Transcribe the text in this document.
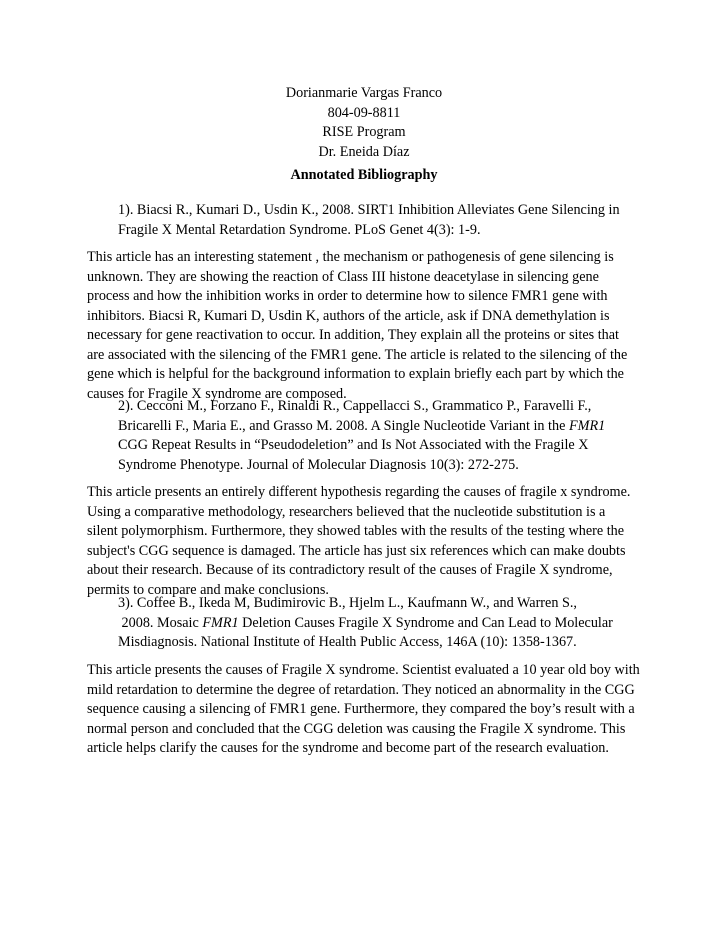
Dorianmarie Vargas Franco
804-09-8811
RISE Program
Dr. Eneida Díaz
Annotated Bibliography
1). Biacsi R., Kumari D., Usdin K., 2008. SIRT1 Inhibition Alleviates Gene Silencing in
Fragile X Mental Retardation Syndrome. PLoS Genet 4(3): 1-9.
This article has an interesting statement , the mechanism or pathogenesis of gene silencing is
unknown. They are showing the reaction of Class III histone deacetylase in silencing gene
process and how the inhibition works in order to determine how to silence FMR1 gene with
inhibitors. Biacsi R, Kumari D, Usdin K, authors of the article, ask if DNA demethylation is
necessary for gene reactivation to occur. In addition, They explain all the proteins or sites that
are associated with the silencing of the FMR1 gene. The article is related to the silencing of the
gene which is helpful for the background information to explain briefly each part by which the
causes for Fragile X syndrome are composed.
2). Cecconi M., Forzano F., Rinaldi R., Cappellacci S., Grammatico P., Faravelli F.,
Bricarelli F., Maria E., and Grasso M. 2008. A Single Nucleotide Variant in the FMR1
CGG Repeat Results in “Pseudodeletion” and Is Not Associated with the Fragile X
Syndrome Phenotype. Journal of Molecular Diagnosis 10(3): 272-275.
This article presents an entirely different hypothesis regarding the causes of fragile x syndrome.
Using a comparative methodology, researchers believed that the nucleotide substitution is a
silent polymorphism. Furthermore, they showed tables with the results of the testing where the
subject's CGG sequence is damaged. The article has just six references which can make doubts
about their research. Because of its contradictory result of the causes of Fragile X syndrome,
permits to compare and make conclusions.
3). Coffee B., Ikeda M, Budimirovic B., Hjelm L., Kaufmann W., and Warren S.,
2008. Mosaic FMR1 Deletion Causes Fragile X Syndrome and Can Lead to Molecular
Misdiagnosis. National Institute of Health Public Access, 146A (10): 1358-1367.
This article presents the causes of Fragile X syndrome. Scientist evaluated a 10 year old boy with
mild retardation to determine the degree of retardation. They noticed an abnormality in the CGG
sequence causing a silencing of FMR1 gene. Furthermore, they compared the boy’s result with a
normal person and concluded that the CGG deletion was causing the Fragile X syndrome. This
article helps clarify the causes for the syndrome and become part of the research evaluation.
